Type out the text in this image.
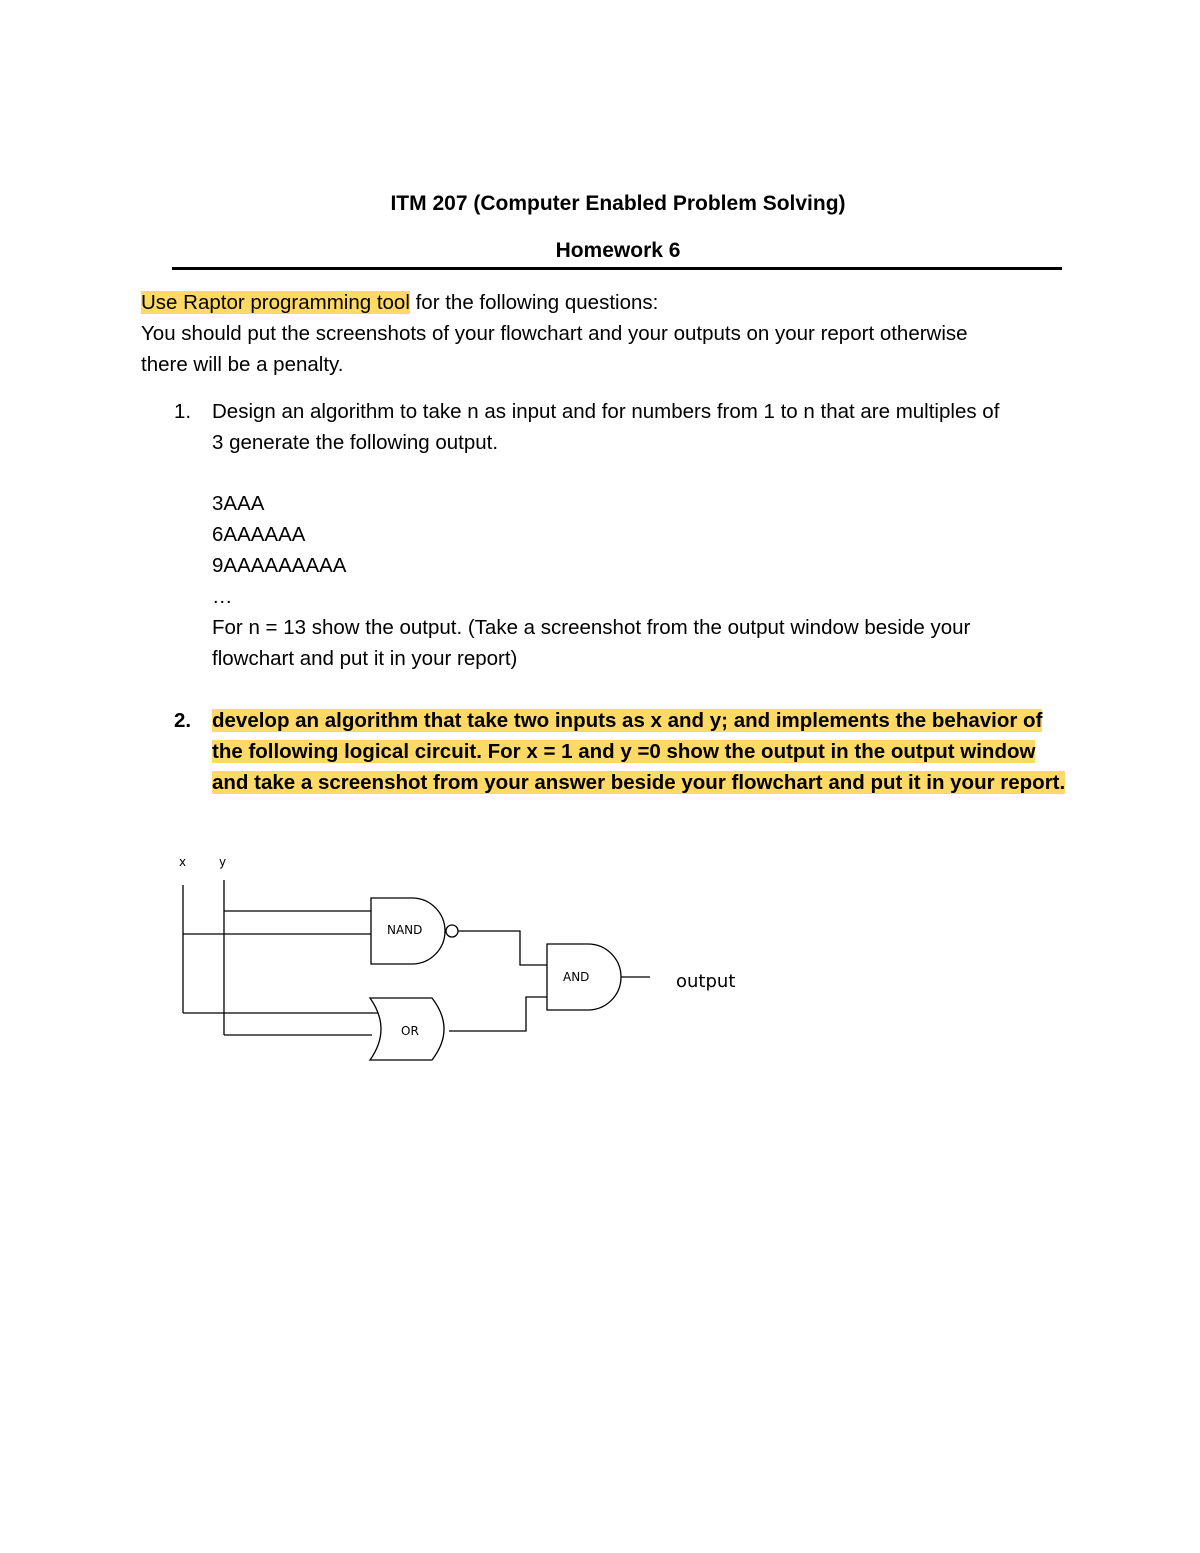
ITM 207 (Computer Enabled Problem Solving)
Homework 6
Use Raptor programming tool for the following questions:
You should put the screenshots of your flowchart and your outputs on your report otherwise
there will be a penalty.
1. Design an algorithm to take n as input and for numbers from 1 to n that are multiples of
3 generate the following output.
3AAA
6AAAAAA
9AAAAAAAAA
…
For n = 13 show the output. (Take a screenshot from the output window beside your
flowchart and put it in your report)
2. develop an algorithm that take two inputs as x and y; and implements the behavior of
the following logical circuit. For x = 1 and y =0 show the output in the output window
and take a screenshot from your answer beside your flowchart and put it in your report.
x	y
NAND
OR
AND	output
